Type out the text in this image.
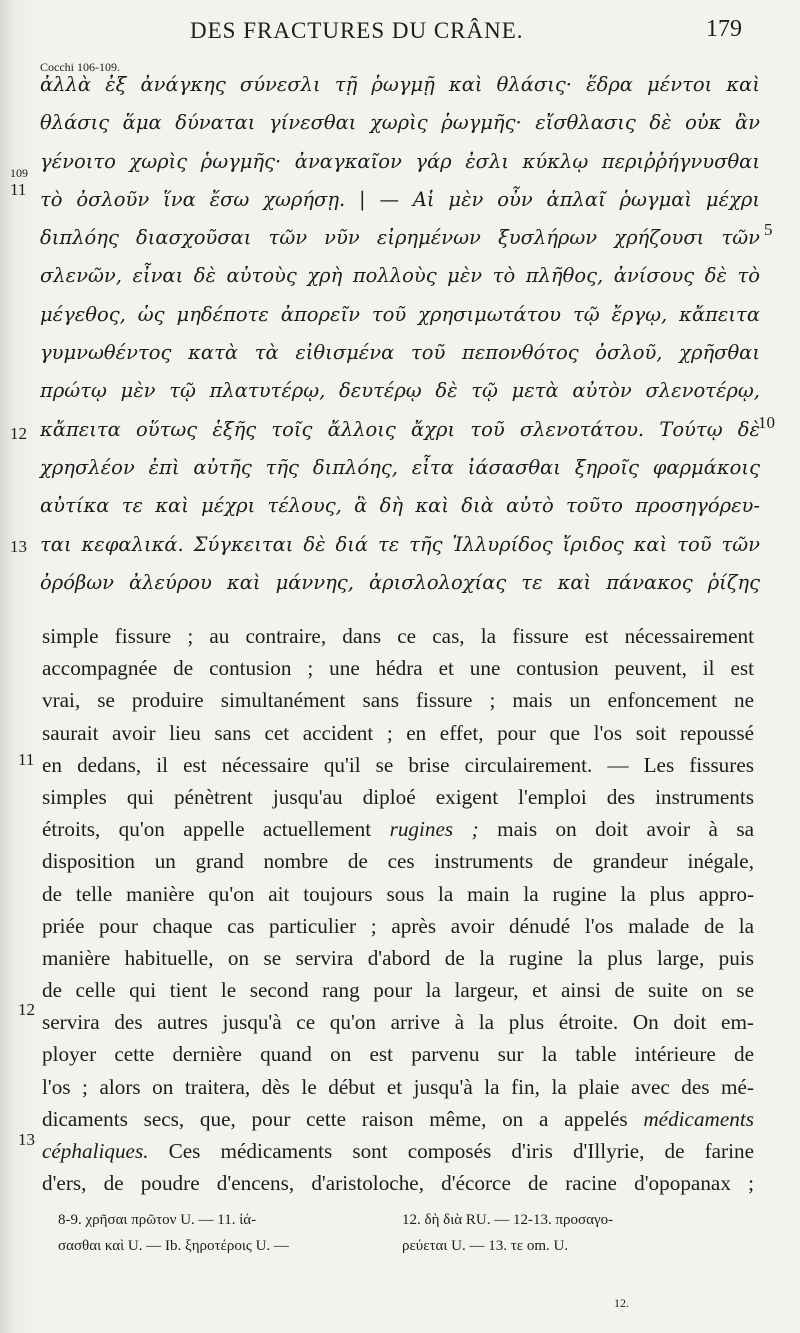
DES FRACTURES DU CRÂNE.	179
Cocchi 106-109.
ἀλλὰ ἐξ ἀνάγκης σύνεσλι τῇ ῥωγμῇ καὶ θλάσις· ἕδρα μέντοι καὶ
θλάσις ἅμα δύναται γίνεσθαι χωρὶς ῥωγμῆς· εἴσθλασις δὲ οὐκ ἂν
γένοιτο χωρὶς ῥωγμῆς· ἀναγκαῖον γάρ ἐσλι κύκλῳ περιῤῥήγνυσθαι
τὸ ὀσλοῦν ἵνα ἔσω χωρήσῃ. | — Αἱ μὲν οὖν ἁπλαῖ ῥωγμαὶ μέχρι
διπλόης διασχοῦσαι τῶν νῦν εἰρημένων ξυσλήρων χρήζουσι τῶν
σλενῶν, εἶναι δὲ αὐτοὺς χρὴ πολλοὺς μὲν τὸ πλῆθος, ἀνίσους δὲ τὸ
μέγεθος, ὡς μηδέποτε ἀπορεῖν τοῦ χρησιμωτάτου τῷ ἔργῳ, κἄπειτα
γυμνωθέντος κατὰ τὰ εἰθισμένα τοῦ πεπονθότος ὀσλοῦ, χρῆσθαι
πρώτῳ μὲν τῷ πλατυτέρῳ, δευτέρῳ δὲ τῷ μετὰ αὐτὸν σλενοτέρῳ,
κἄπειτα οὕτως ἑξῆς τοῖς ἄλλοις ἄχρι τοῦ σλενοτάτου. Τούτῳ δὲ
χρησλέον ἐπὶ αὐτῆς τῆς διπλόης, εἶτα ἰάσασθαι ξηροῖς φαρμάκοις
αὐτίκα τε καὶ μέχρι τέλους, ἃ δὴ καὶ διὰ αὐτὸ τοῦτο προσηγόρευ-
ται κεφαλικά. Σύγκειται δὲ διά τε τῆς Ἰλλυρίδος ἴριδος καὶ τοῦ τῶν
ὀρόβων ἀλεύρου καὶ μάννης, ἀρισλολοχίας τε καὶ πάνακος ῥίζης
109
11
12
13
5
10
simple fissure ; au contraire, dans ce cas, la fissure est nécessairement
accompagnée de contusion ; une hédra et une contusion peuvent, il est
vrai, se produire simultanément sans fissure ; mais un enfoncement ne
saurait avoir lieu sans cet accident ; en effet, pour que l'os soit repoussé
en dedans, il est nécessaire qu'il se brise circulairement. — Les fissures
simples qui pénètrent jusqu'au diploé exigent l'emploi des instruments
étroits, qu'on appelle actuellement rugines ; mais on doit avoir à sa
disposition un grand nombre de ces instruments de grandeur inégale,
de telle manière qu'on ait toujours sous la main la rugine la plus appro-
priée pour chaque cas particulier ; après avoir dénudé l'os malade de la
manière habituelle, on se servira d'abord de la rugine la plus large, puis
de celle qui tient le second rang pour la largeur, et ainsi de suite on se
servira des autres jusqu'à ce qu'on arrive à la plus étroite. On doit em-
ployer cette dernière quand on est parvenu sur la table intérieure de
l'os ; alors on traitera, dès le début et jusqu'à la fin, la plaie avec des mé-
dicaments secs, que, pour cette raison même, on a appelés médicaments
céphaliques. Ces médicaments sont composés d'iris d'Illyrie, de farine
d'ers, de poudre d'encens, d'aristoloche, d'écorce de racine d'opopanax ;
11
12
13
8-9. χρῆσαι πρῶτον U. — 11. ἰά-
σασθαι καὶ U. — Ib. ξηροτέροις U. —
12. δὴ διὰ RU. — 12-13. προσαγο-
ρεύεται U. — 13. τε om. U.
12.
